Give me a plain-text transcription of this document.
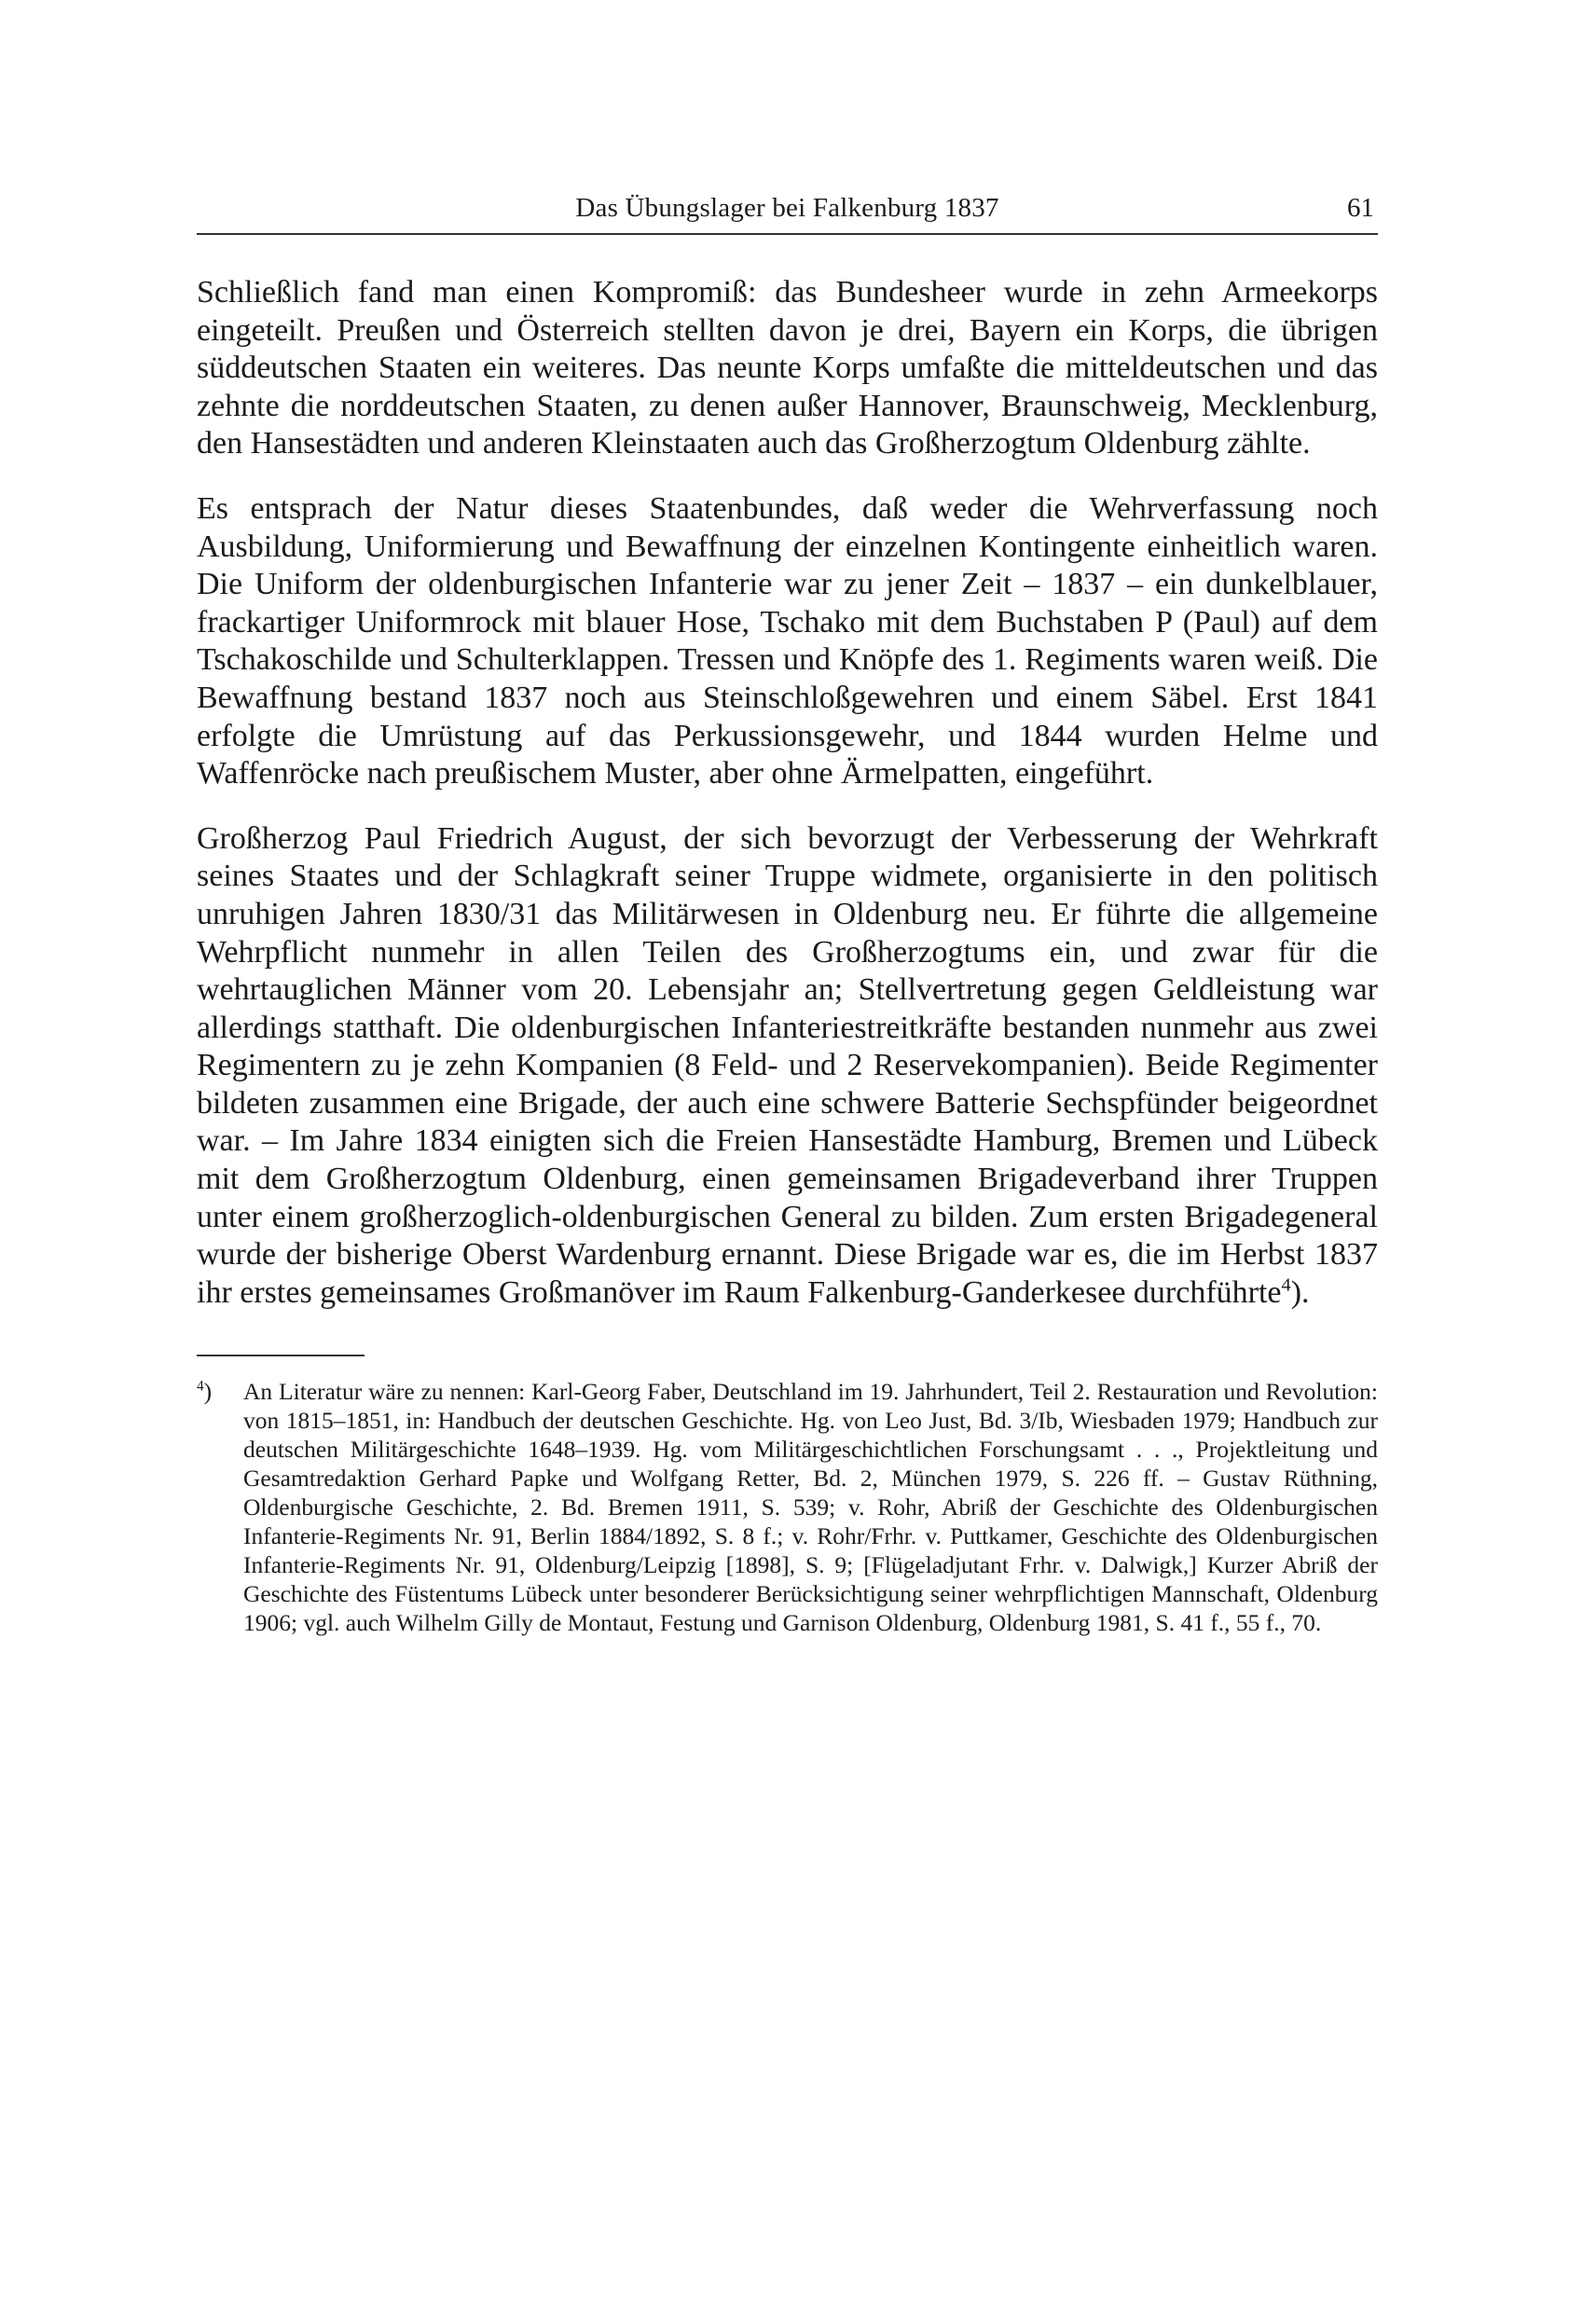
Das Übungslager bei Falkenburg 1837	61

Schließlich fand man einen Kompromiß: das Bundesheer wurde in zehn Armeekorps eingeteilt. Preußen und Österreich stellten davon je drei, Bayern ein Korps, die übrigen süddeutschen Staaten ein weiteres. Das neunte Korps umfaßte die mitteldeutschen und das zehnte die norddeutschen Staaten, zu denen außer Hannover, Braunschweig, Mecklenburg, den Hansestädten und anderen Kleinstaaten auch das Großherzogtum Oldenburg zählte.

Es entsprach der Natur dieses Staatenbundes, daß weder die Wehrverfassung noch Ausbildung, Uniformierung und Bewaffnung der einzelnen Kontingente einheitlich waren. Die Uniform der oldenburgischen Infanterie war zu jener Zeit – 1837 – ein dunkelblauer, frackartiger Uniformrock mit blauer Hose, Tschako mit dem Buchstaben P (Paul) auf dem Tschakoschilde und Schulterklappen. Tressen und Knöpfe des 1. Regiments waren weiß. Die Bewaffnung bestand 1837 noch aus Steinschloßgewehren und einem Säbel. Erst 1841 erfolgte die Umrüstung auf das Perkussionsgewehr, und 1844 wurden Helme und Waffenröcke nach preußischem Muster, aber ohne Ärmelpatten, eingeführt.

Großherzog Paul Friedrich August, der sich bevorzugt der Verbesserung der Wehrkraft seines Staates und der Schlagkraft seiner Truppe widmete, organisierte in den politisch unruhigen Jahren 1830/31 das Militärwesen in Oldenburg neu. Er führte die allgemeine Wehrpflicht nunmehr in allen Teilen des Großherzogtums ein, und zwar für die wehrtauglichen Männer vom 20. Lebensjahr an; Stellvertretung gegen Geldleistung war allerdings statthaft. Die oldenburgischen Infanteriestreitkräfte bestanden nunmehr aus zwei Regimentern zu je zehn Kompanien (8 Feld- und 2 Reservekompanien). Beide Regimenter bildeten zusammen eine Brigade, der auch eine schwere Batterie Sechspfünder beigeordnet war. – Im Jahre 1834 einigten sich die Freien Hansestädte Hamburg, Bremen und Lübeck mit dem Großherzogtum Oldenburg, einen gemeinsamen Brigadeverband ihrer Truppen unter einem großherzoglich-oldenburgischen General zu bilden. Zum ersten Brigadegeneral wurde der bisherige Oberst Wardenburg ernannt. Diese Brigade war es, die im Herbst 1837 ihr erstes gemeinsames Großmanöver im Raum Falkenburg-Ganderkesee durchführte$^4$).

$^4$) An Literatur wäre zu nennen: Karl-Georg Faber, Deutschland im 19. Jahrhundert, Teil 2. Restauration und Revolution: von 1815–1851, in: Handbuch der deutschen Geschichte. Hg. von Leo Just, Bd. 3/Ib, Wiesbaden 1979; Handbuch zur deutschen Militärgeschichte 1648–1939. Hg. vom Militärgeschichtlichen Forschungsamt . . ., Projektleitung und Gesamtredaktion Gerhard Papke und Wolfgang Retter, Bd. 2, München 1979, S. 226 ff. – Gustav Rüthning, Oldenburgische Geschichte, 2. Bd. Bremen 1911, S. 539; v. Rohr, Abriß der Geschichte des Oldenburgischen Infanterie-Regiments Nr. 91, Berlin 1884/1892, S. 8 f.; v. Rohr/Frhr. v. Puttkamer, Geschichte des Oldenburgischen Infanterie-Regiments Nr. 91, Oldenburg/Leipzig [1898], S. 9; [Flügeladjutant Frhr. v. Dalwigk,] Kurzer Abriß der Geschichte des Füstentums Lübeck unter besonderer Berücksichtigung seiner wehrpflichtigen Mannschaft, Oldenburg 1906; vgl. auch Wilhelm Gilly de Montaut, Festung und Garnison Oldenburg, Oldenburg 1981, S. 41 f., 55 f., 70.
